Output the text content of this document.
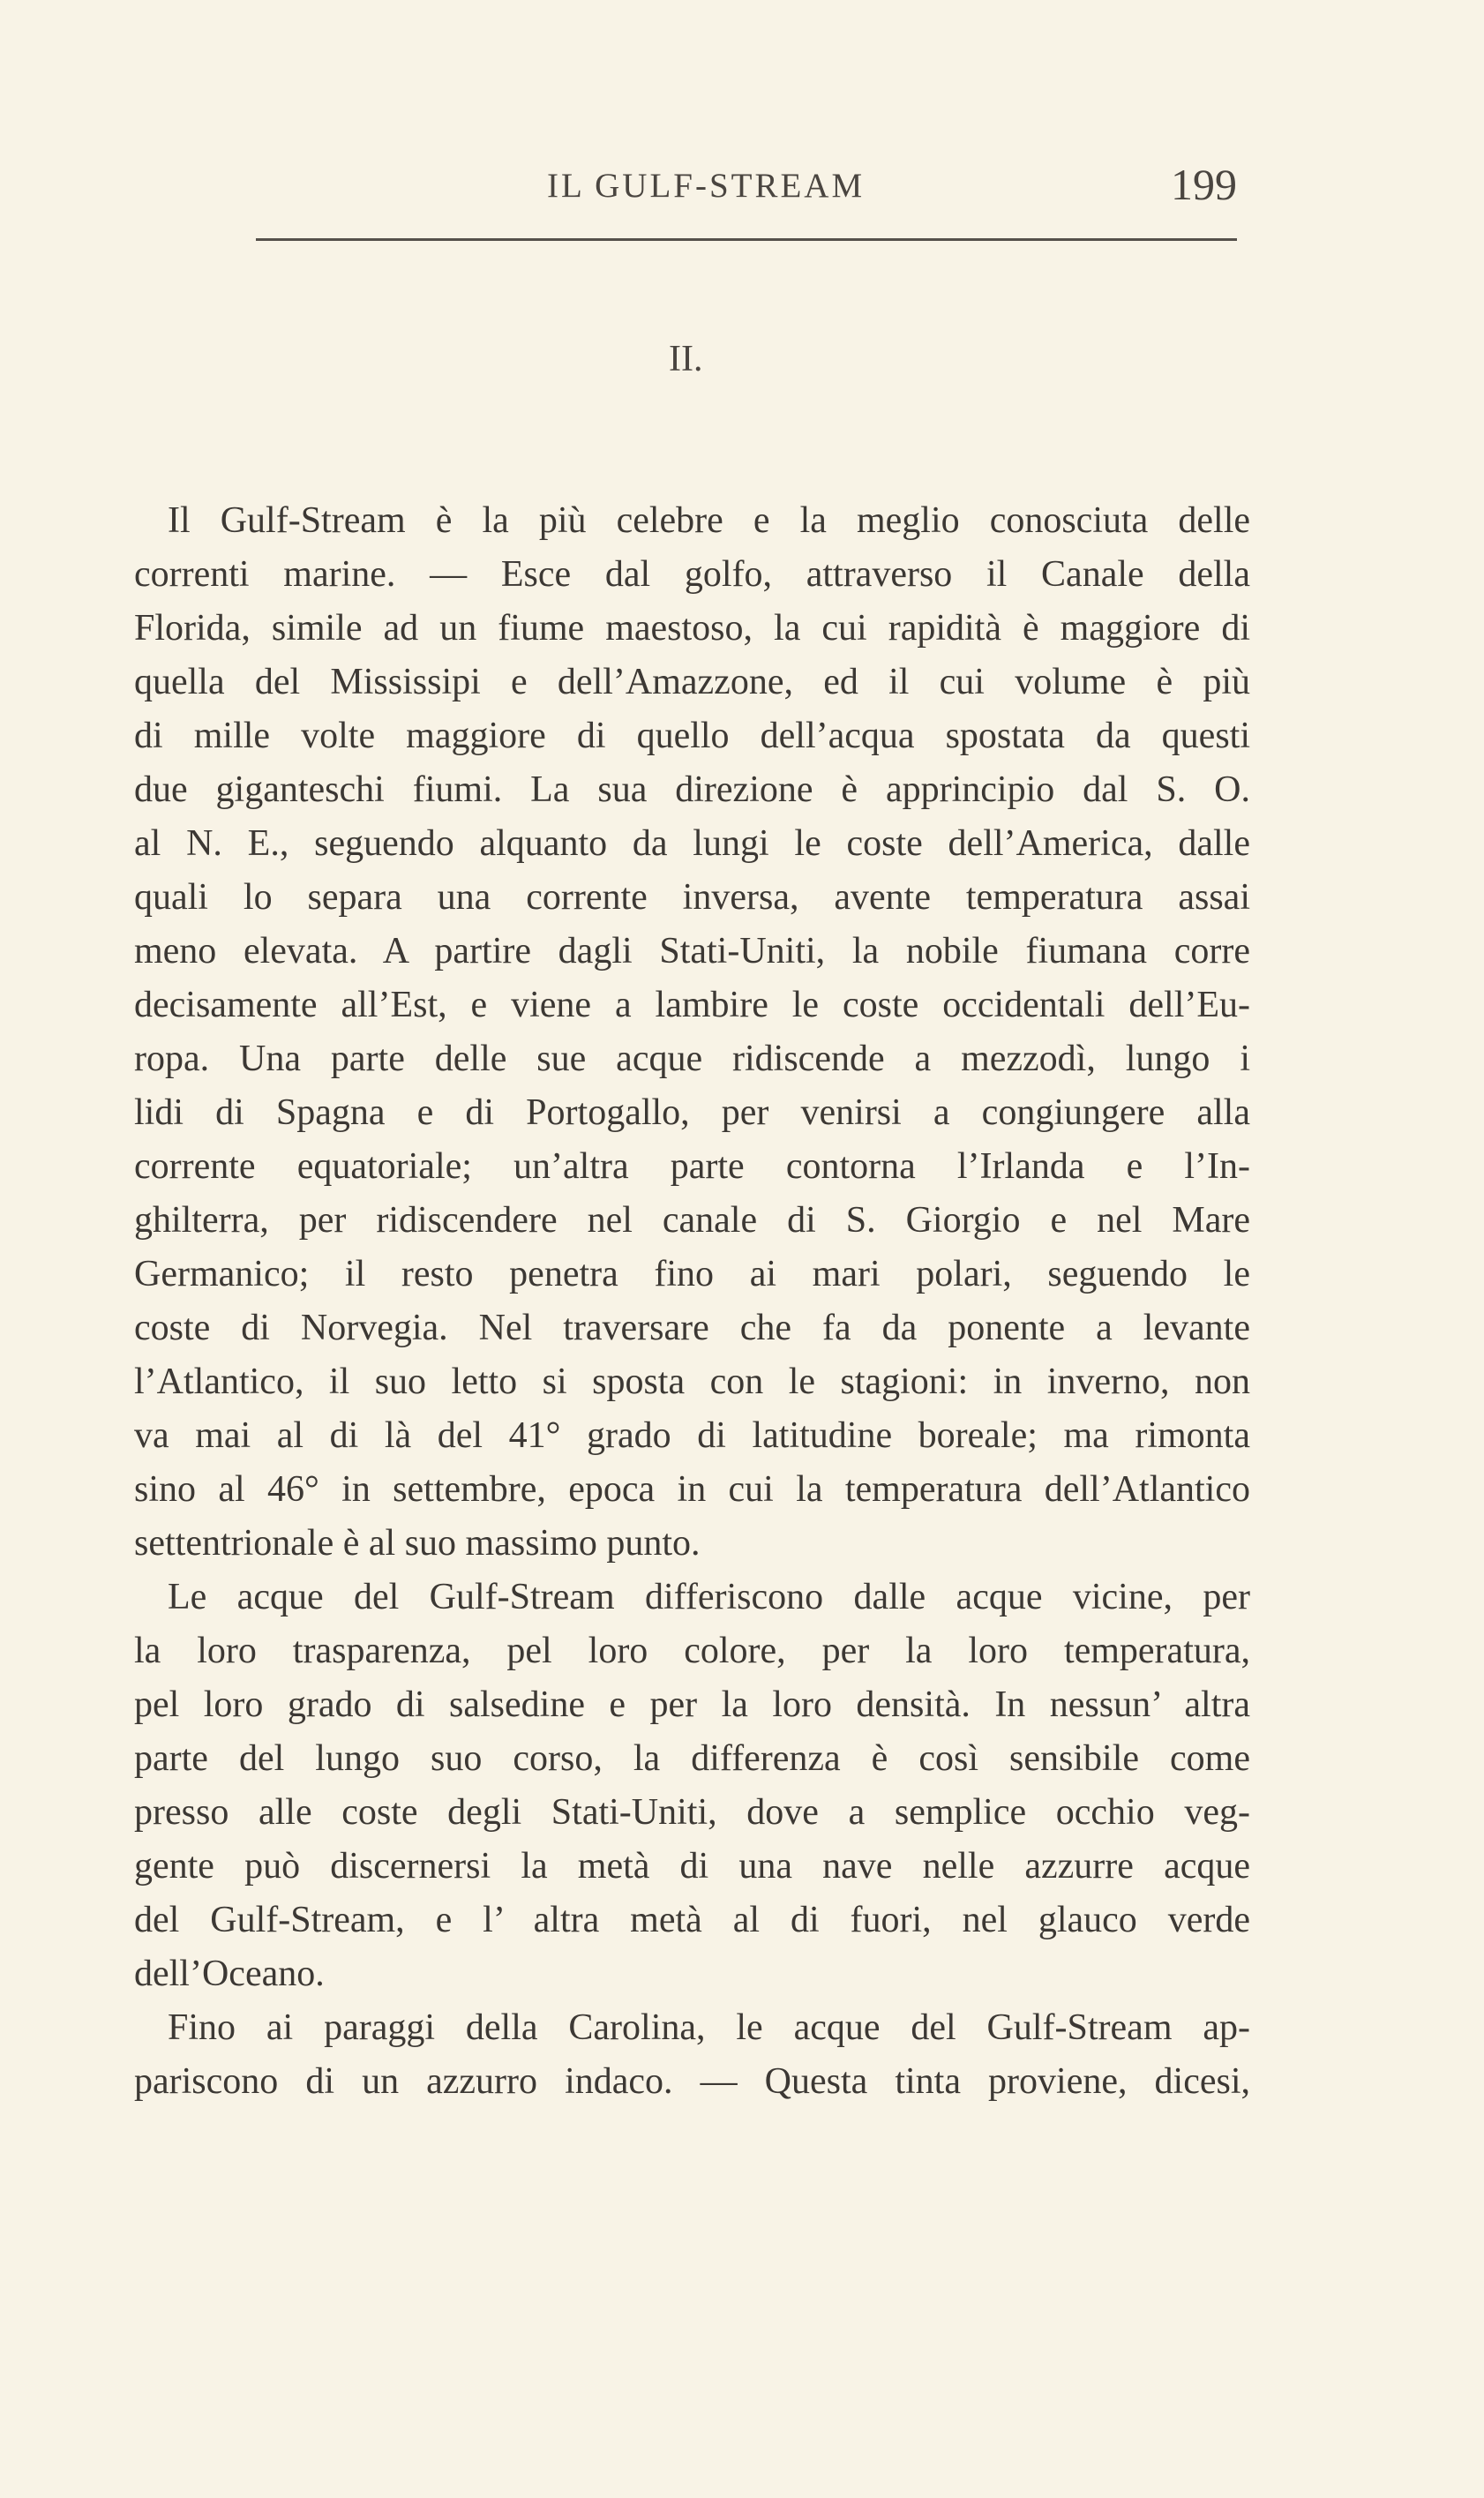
IL GULF-STREAM	199
II.
Il Gulf-Stream è la più celebre e la meglio conosciuta delle
correnti marine. — Esce dal golfo, attraverso il Canale della
Florida, simile ad un fiume maestoso, la cui rapidità è maggiore di
quella del Mississipi e dell’Amazzone, ed il cui volume è più
di mille volte maggiore di quello dell’acqua spostata da questi
due giganteschi fiumi. La sua direzione è apprincipio dal S. O.
al N. E., seguendo alquanto da lungi le coste dell’America, dalle
quali lo separa una corrente inversa, avente temperatura assai
meno elevata. A partire dagli Stati-Uniti, la nobile fiumana corre
decisamente all’Est, e viene a lambire le coste occidentali dell’Eu-
ropa. Una parte delle sue acque ridiscende a mezzodì, lungo i
lidi di Spagna e di Portogallo, per venirsi a congiungere alla
corrente equatoriale; un’altra parte contorna l’Irlanda e l’In-
ghilterra, per ridiscendere nel canale di S. Giorgio e nel Mare
Germanico; il resto penetra fino ai mari polari, seguendo le
coste di Norvegia. Nel traversare che fa da ponente a levante
l’Atlantico, il suo letto si sposta con le stagioni: in inverno, non
va mai al di là del 41° grado di latitudine boreale; ma rimonta
sino al 46° in settembre, epoca in cui la temperatura dell’Atlantico
settentrionale è al suo massimo punto.
Le acque del Gulf-Stream differiscono dalle acque vicine, per
la loro trasparenza, pel loro colore, per la loro temperatura,
pel loro grado di salsedine e per la loro densità. In nessun’ altra
parte del lungo suo corso, la differenza è così sensibile come
presso alle coste degli Stati-Uniti, dove a semplice occhio veg-
gente può discernersi la metà di una nave nelle azzurre acque
del Gulf-Stream, e l’ altra metà al di fuori, nel glauco verde
dell’Oceano.
Fino ai paraggi della Carolina, le acque del Gulf-Stream ap-
pariscono di un azzurro indaco. — Questa tinta proviene, dicesi,
